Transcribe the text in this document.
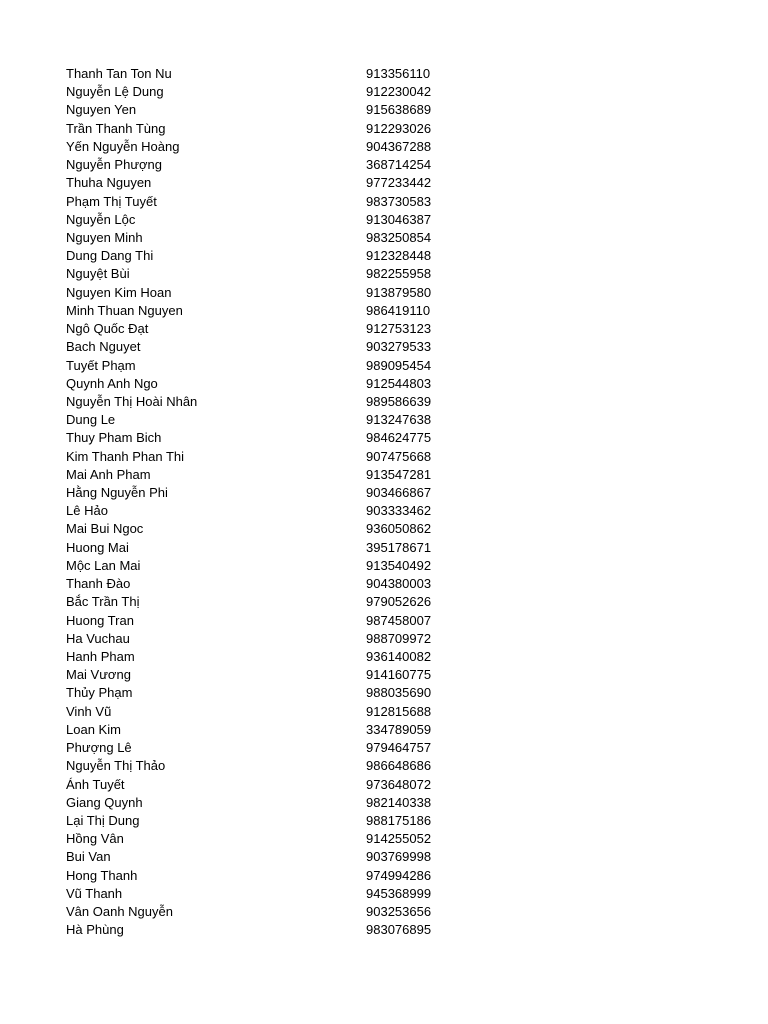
Thanh Tan Ton Nu	913356110
Nguyễn Lệ Dung	912230042
Nguyen Yen	915638689
Trần Thanh Tùng	912293026
Yến Nguyễn Hoàng	904367288
Nguyễn Phượng	368714254
Thuha Nguyen	977233442
Phạm Thị Tuyết	983730583
Nguyễn Lộc	913046387
Nguyen Minh	983250854
Dung Dang Thi	912328448
Nguyệt Bùi	982255958
Nguyen Kim Hoan	913879580
Minh Thuan Nguyen	986419110
Ngô Quốc Đạt	912753123
Bach Nguyet	903279533
Tuyết Phạm	989095454
Quynh Anh Ngo	912544803
Nguyễn Thị Hoài Nhân	989586639
Dung Le	913247638
Thuy Pham Bich	984624775
Kim Thanh Phan Thi	907475668
Mai Anh Pham	913547281
Hằng Nguyễn Phi	903466867
Lê Hảo	903333462
Mai Bui Ngoc	936050862
Huong Mai	395178671
Mộc Lan Mai	913540492
Thanh Đào	904380003
Bắc Trần Thị	979052626
Huong Tran	987458007
Ha Vuchau	988709972
Hanh Pham	936140082
Mai Vương	914160775
Thủy Phạm	988035690
Vinh Vũ	912815688
Loan Kim	334789059
Phượng Lê	979464757
Nguyễn Thị Thảo	986648686
Ánh Tuyết	973648072
Giang Quynh	982140338
Lại Thị Dung	988175186
Hồng Vân	914255052
Bui Van	903769998
Hong Thanh	974994286
Vũ Thanh	945368999
Vân Oanh Nguyễn	903253656
Hà Phùng	983076895
